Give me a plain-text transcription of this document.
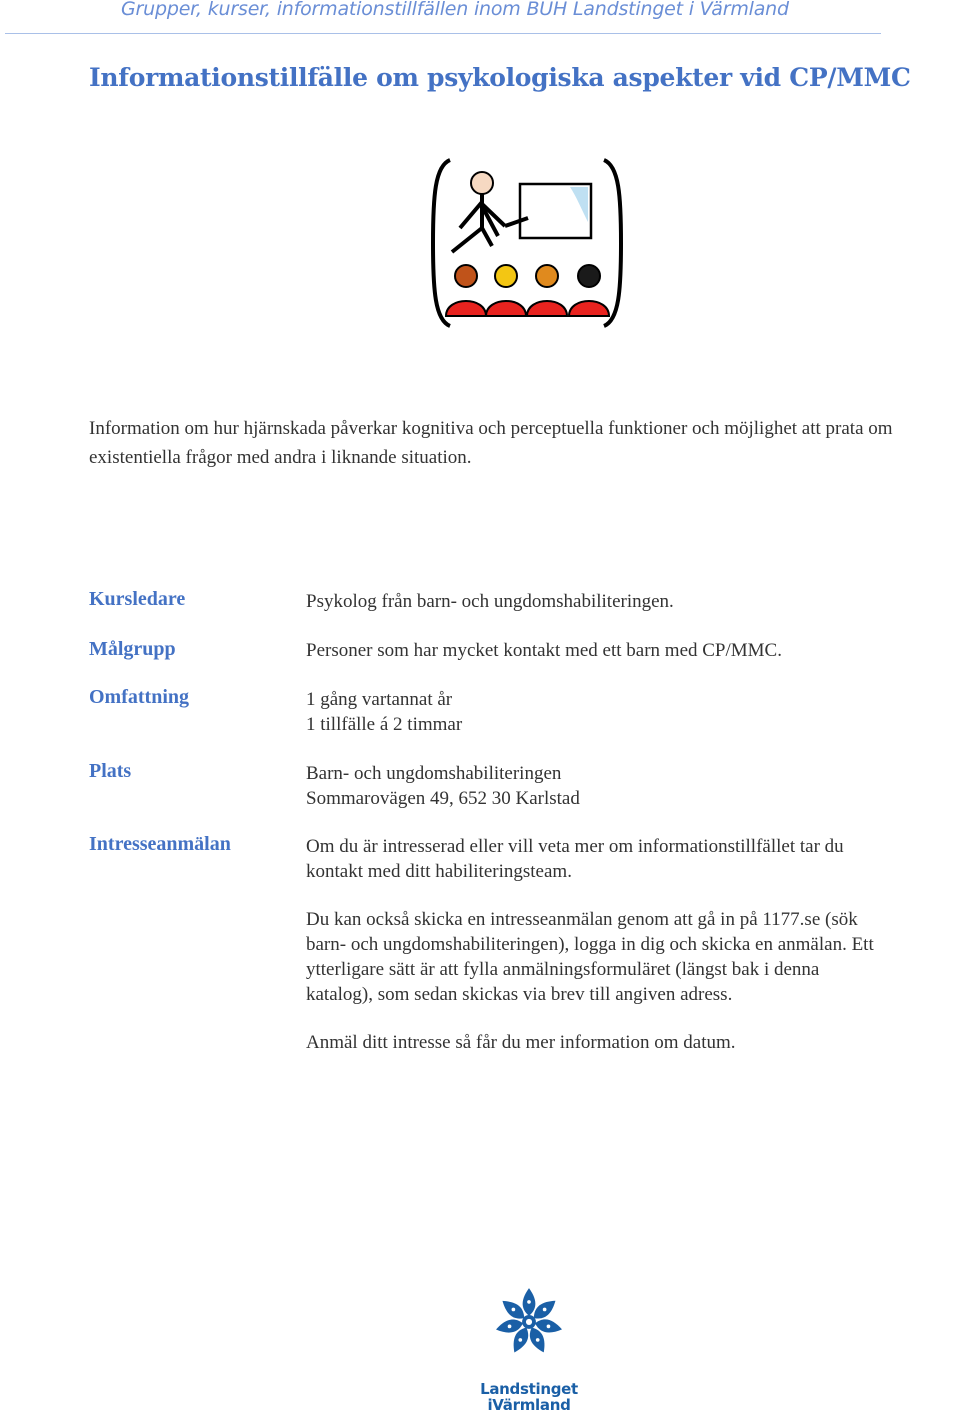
Grupper, kurser, informationstillfällen inom BUH Landstinget i Värmland
Informationstillfälle om psykologiska aspekter vid CP/MMC

Information om hur hjärnskada påverkar kognitiva och perceptuella funktioner och möjlighet att prata om existentiella frågor med andra i liknande situation.

Kursledare	Psykolog från barn- och ungdomshabiliteringen.
Målgrupp	Personer som har mycket kontakt med ett barn med CP/MMC.
Omfattning	1 gång vartannat år
1 tillfälle á 2 timmar
Plats	Barn- och ungdomshabiliteringen
Sommarovägen 49, 652 30 Karlstad
Intresseanmälan	Om du är intresserad eller vill veta mer om informationstillfället tar du
kontakt med ditt habiliteringsteam.
Du kan också skicka en intresseanmälan genom att gå in på 1177.se (sök
barn- och ungdomshabiliteringen), logga in dig och skicka en anmälan. Ett
ytterligare sätt är att fylla anmälningsformuläret (längst bak i denna
katalog), som sedan skickas via brev till angiven adress.
Anmäl ditt intresse så får du mer information om datum.
Landstinget
iVärmland
